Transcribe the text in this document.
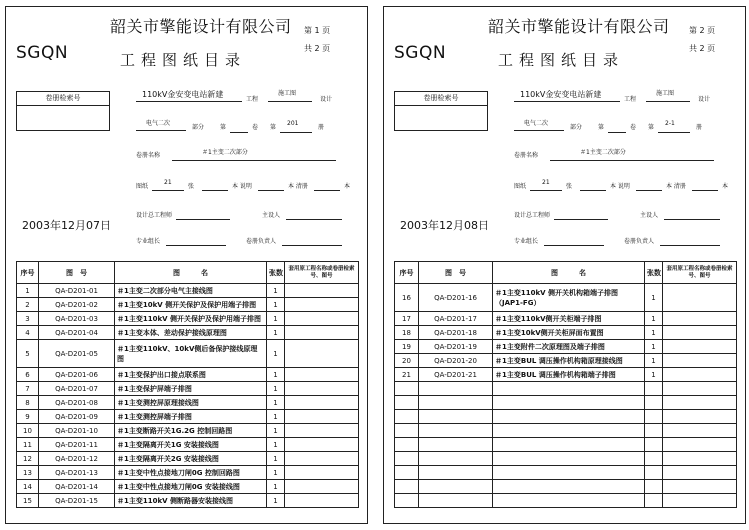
韶关市擎能设计有限公司 第 1 页
共 2 页
SGQN	工程图纸目录
卷册检索号	110kV金安变电站新建
工程
施工图
设计
电气二次
部分	第	卷 第
201
册
卷册名称	＃1主变二次部分
图纸
21
张	本 说明	本 清册	本
设计总工程师	主设人
2003年12月07日
专业组长	卷册负责人
序号	图　号	图　　　名	张数	套用原工程名称或卷册检索号、图号
1	QA-D201-01	＃1主变二次部分电气主接线图	1	
2	QA-D201-02	＃1主变10kV 侧开关保护及保护用端子排图	1	
3	QA-D201-03	＃1主变110kV 侧开关保护及保护用端子排图	1	
4	QA-D201-04	＃1主变本体、差动保护接线原理图	1	
5	QA-D201-05	＃1主变110kV、10kV侧后备保护接线原理图	1	
6	QA-D201-06	＃1主变保护出口接点联系图	1	
7	QA-D201-07	＃1主变保护屏端子排图	1	
8	QA-D201-08	＃1主变测控屏原理接线图	1	
9	QA-D201-09	＃1主变测控屏端子排图	1	
10	QA-D201-10	＃1主变断路开关1G.2G 控制回路图	1	
11	QA-D201-11	＃1主变隔离开关1G 安装接线图	1	
12	QA-D201-12	＃1主变隔离开关2G 安装接线图	1	
13	QA-D201-13	＃1主变中性点接地刀闸0G 控制回路图	1	
14	QA-D201-14	＃1主变中性点接地刀闸0G 安装接线图	1	
15	QA-D201-15	＃1主变110kV 侧断路器安装接线图	1	
韶关市擎能设计有限公司 第 2 页
共 2 页
SGQN	工程图纸目录
卷册检索号	110kV金安变电站新建
工程
施工图
设计
电气二次
部分	第	卷 第
2-1
册
卷册名称	＃1主变二次部分
图纸
21
张	本 说明	本 清册	本
设计总工程师	主设人
2003年12月08日
专业组长	卷册负责人
序号	图　号	图　　　名	张数	套用原工程名称或卷册检索号、图号
16	QA-D201-16	＃1主变110kV 侧开关机构箱端子排图 （JAP1-FG）	1	
17	QA-D201-17	＃1主变110kV侧开关柜端子排图	1	
18	QA-D201-18	＃1主变10kV侧开关柜屏面布置图	1	
19	QA-D201-19	＃1主变附件二次原理图及端子排图	1	
20	QA-D201-20	＃1主变BUL 调压操作机构箱原理接线图	1	
21	QA-D201-21	＃1主变BUL 调压操作机构箱端子排图	1	
